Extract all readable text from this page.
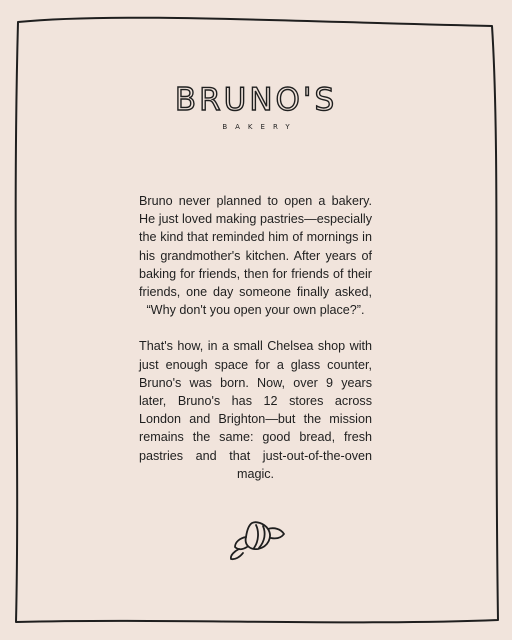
BRUNO'S
BAKERY

Bruno never planned to open a bakery. He just loved making pastries—especially the kind that reminded him of mornings in his grandmother's kitchen. After years of baking for friends, then for friends of their friends, one day someone finally asked, “Why don't you open your own place?”.

That's how, in a small Chelsea shop with just enough space for a glass counter, Bruno's was born. Now, over 9 years later, Bruno's has 12 stores across London and Brighton—but the mission remains the same: good bread, fresh pastries and that just-out-of-the-oven magic.
